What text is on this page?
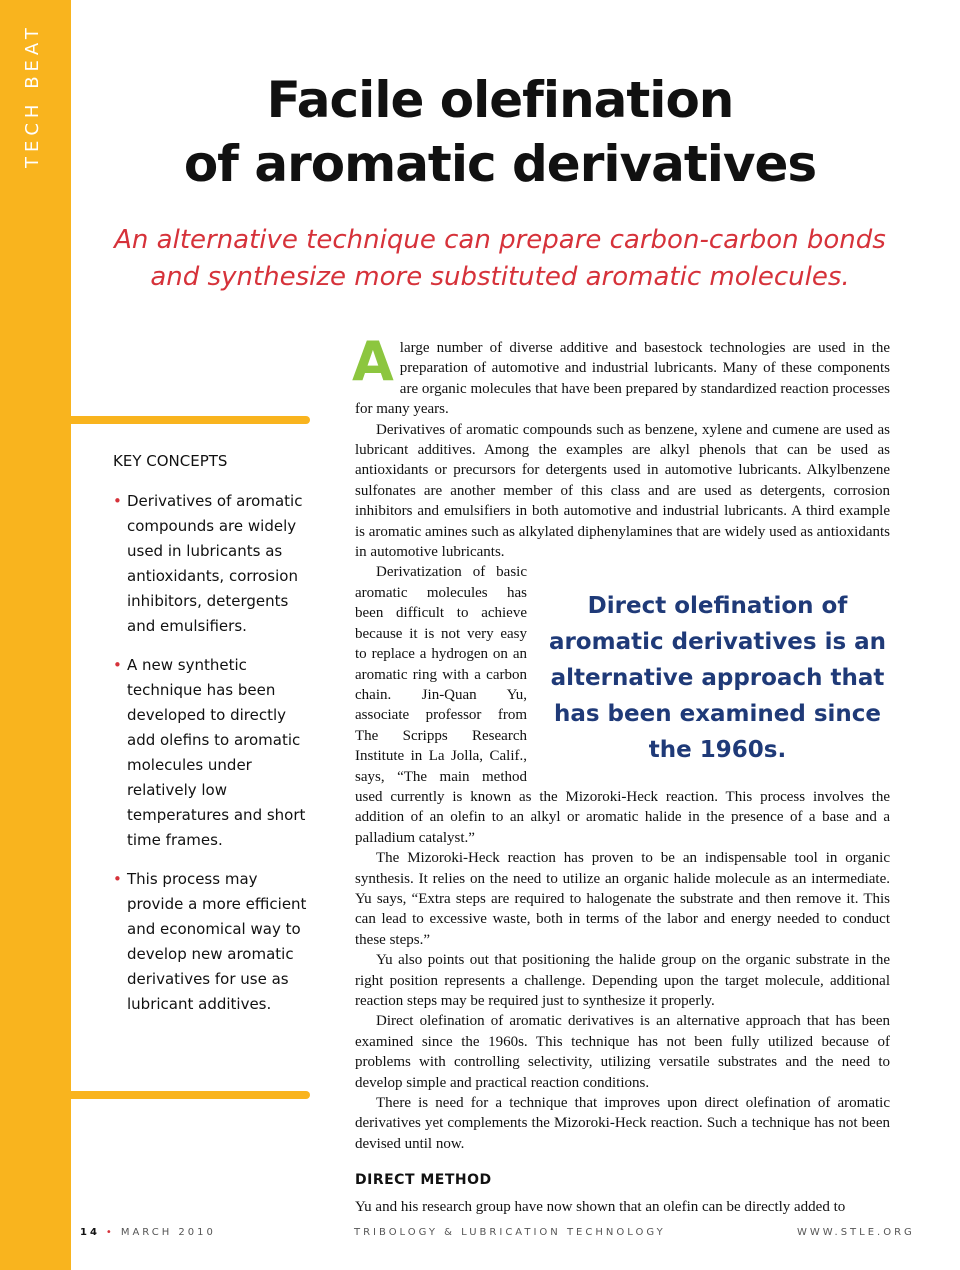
TECH BEAT	Facile olefination
of aromatic derivatives

An alternative technique can prepare carbon-carbon bonds
and synthesize more substituted aromatic molecules.

KEY CONCEPTS
• Derivatives of aromatic compounds are widely used in lubricants as antioxidants, corrosion inhibitors, detergents and emulsifiers.
• A new synthetic technique has been developed to directly add olefins to aromatic molecules under relatively low temperatures and short time frames.
• This process may provide a more efficient and economical way to develop new aromatic derivatives for use as lubricant additives.

Alarge number of diverse additive and basestock technologies are used in the preparation of automotive and industrial lubricants. Many of these components are organic molecules that have been prepared by standardized reaction processes for many years.

Derivatives of aromatic compounds such as benzene, xylene and cumene are used as lubricant additives. Among the examples are alkyl phenols that can be used as antioxidants or precursors for detergents used in automotive lubricants. Alkylbenzene sulfonates are another member of this class and are used as detergents, corrosion inhibitors and emulsifiers in both automotive and industrial lubricants. A third example is aromatic amines such as alkylated diphenylamines that are widely used as antioxidants in automotive lubricants.

Direct olefination of aromatic derivatives is an alternative approach that has been examined since the 1960s.

Derivatization of basic aromatic molecules has been difficult to achieve because it is not very easy to replace a hydrogen on an aromatic ring with a carbon chain. Jin-Quan Yu, associate professor from The Scripps Research Institute in La Jolla, Calif., says, “The main method used currently is known as the Mizoroki-Heck reaction. This process involves the addition of an olefin to an alkyl or aromatic halide in the presence of a base and a palladium catalyst.”

The Mizoroki-Heck reaction has proven to be an indispensable tool in organic synthesis. It relies on the need to utilize an organic halide molecule as an intermediate. Yu says, “Extra steps are required to halogenate the substrate and then remove it. This can lead to excessive waste, both in terms of the labor and energy needed to conduct these steps.”

Yu also points out that positioning the halide group on the organic substrate in the right position represents a challenge. Depending upon the target molecule, additional reaction steps may be required just to synthesize it properly.

Direct olefination of aromatic derivatives is an alternative approach that has been examined since the 1960s. This technique has not been fully utilized because of problems with controlling selectivity, utilizing versatile substrates and the need to develop simple and practical reaction conditions.

There is need for a technique that improves upon direct olefination of aromatic derivatives yet complements the Mizoroki-Heck reaction. Such a technique has not been devised until now.

DIRECT METHOD

Yu and his research group have now shown that an olefin can be directly added to

14 • MARCH 2010	TRIBOLOGY & LUBRICATION TECHNOLOGY	WWW.STLE.ORG
